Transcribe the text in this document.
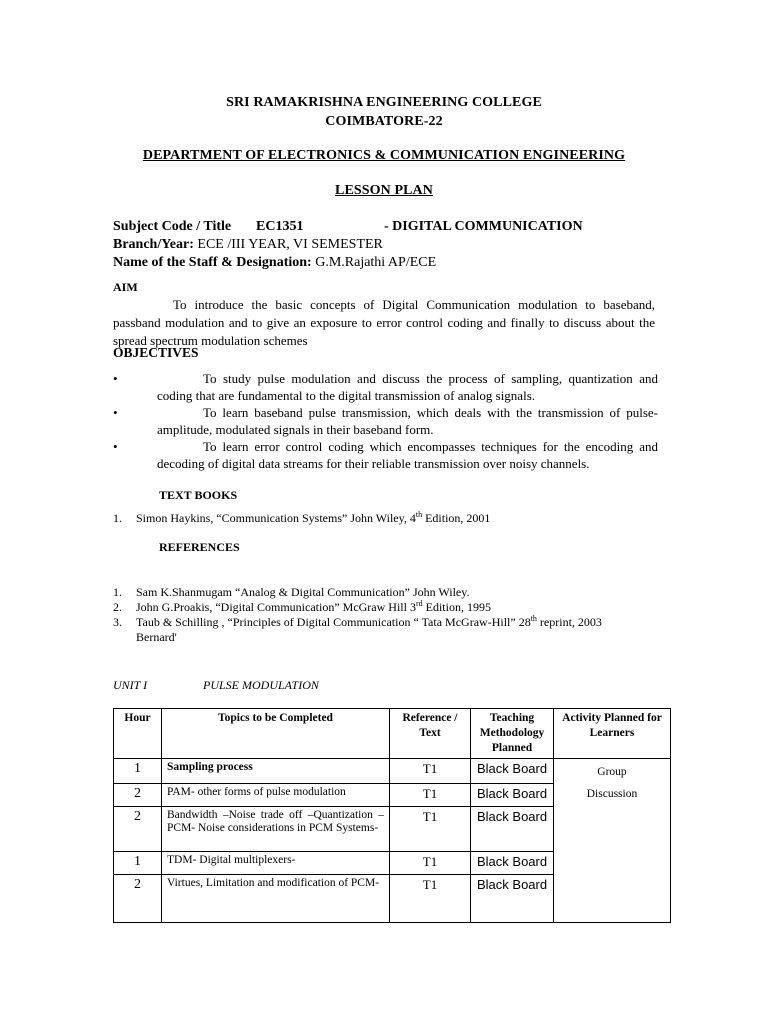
SRI RAMAKRISHNA ENGINEERING COLLEGE

COIMBATORE-22

DEPARTMENT OF ELECTRONICS & COMMUNICATION ENGINEERING

LESSON PLAN

Subject Code / Title EC1351	- DIGITAL COMMUNICATION

Branch/Year: ECE /III YEAR, VI SEMESTER

Name of the Staff & Designation: G.M.Rajathi AP/ECE

AIM

To introduce the basic concepts of Digital Communication modulation to baseband, passband modulation and to give an exposure to error control coding and finally to discuss about the spread spectrum modulation schemes

OBJECTIVES

•	To study pulse modulation and discuss the process of sampling, quantization and coding that are fundamental to the digital transmission of analog signals.
•	To learn baseband pulse transmission, which deals with the transmission of pulse-amplitude, modulated signals in their baseband form.
•	To learn error control coding which encompasses techniques for the encoding and decoding of digital data streams for their reliable transmission over noisy channels.

TEXT BOOKS

1. Simon Haykins, “Communication Systems” John Wiley, 4th Edition, 2001

REFERENCES

1. Sam K.Shanmugam “Analog & Digital Communication” John Wiley.
2. John G.Proakis, “Digital Communication” McGraw Hill 3rd Edition, 1995
3. Taub & Schilling , “Principles of Digital Communication “ Tata McGraw-Hill” 28th reprint, 2003

Bernard'

UNIT I	PULSE MODULATION

Hour	Topics to be Completed	Reference / Text	Teaching Methodology Planned	Activity Planned for Learners
1	Sampling process	T1	Black Board	Group
Discussion

2	PAM- other forms of pulse modulation	T1	Black Board	
2	Bandwidth –Noise trade off –Quantization –PCM- Noise considerations in PCM Systems-	T1	Black Board	
1	TDM- Digital multiplexers-	T1	Black Board	
2	Virtues, Limitation and modification of PCM-	T1	Black Board	
